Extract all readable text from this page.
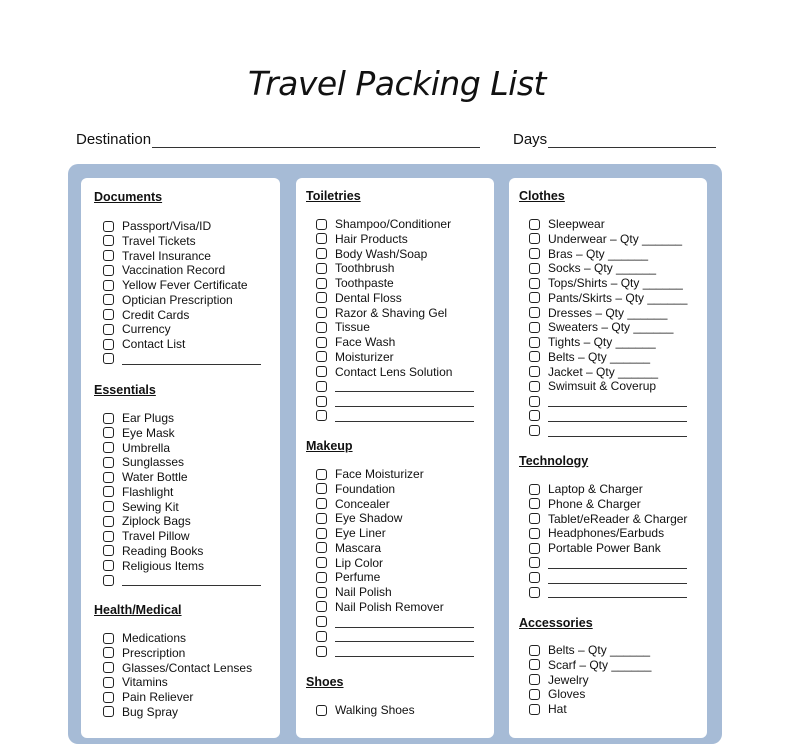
Travel Packing List
Destination	Days
Documents
Passport/Visa/ID
Travel Tickets
Travel Insurance
Vaccination Record
Yellow Fever Certificate
Optician Prescription
Credit Cards
Currency
Contact List
Essentials
Ear Plugs
Eye Mask
Umbrella
Sunglasses
Water Bottle
Flashlight
Sewing Kit
Ziplock Bags
Travel Pillow
Reading Books
Religious Items
Health/Medical
Medications
Prescription
Glasses/Contact Lenses
Vitamins
Pain Reliever
Bug Spray
Toiletries
Shampoo/Conditioner
Hair Products
Body Wash/Soap
Toothbrush
Toothpaste
Dental Floss
Razor & Shaving Gel
Tissue
Face Wash
Moisturizer
Contact Lens Solution
Makeup
Face Moisturizer
Foundation
Concealer
Eye Shadow
Eye Liner
Mascara
Lip Color
Perfume
Nail Polish
Nail Polish Remover
Shoes
Walking Shoes
Clothes
Sleepwear
Underwear – Qty ______
Bras – Qty ______
Socks – Qty ______
Tops/Shirts – Qty ______
Pants/Skirts – Qty ______
Dresses – Qty ______
Sweaters – Qty ______
Tights – Qty ______
Belts – Qty ______
Jacket – Qty ______
Swimsuit & Coverup
Technology
Laptop & Charger
Phone & Charger
Tablet/eReader & Charger
Headphones/Earbuds
Portable Power Bank
Accessories
Belts – Qty ______
Scarf – Qty ______
Jewelry
Gloves
Hat
